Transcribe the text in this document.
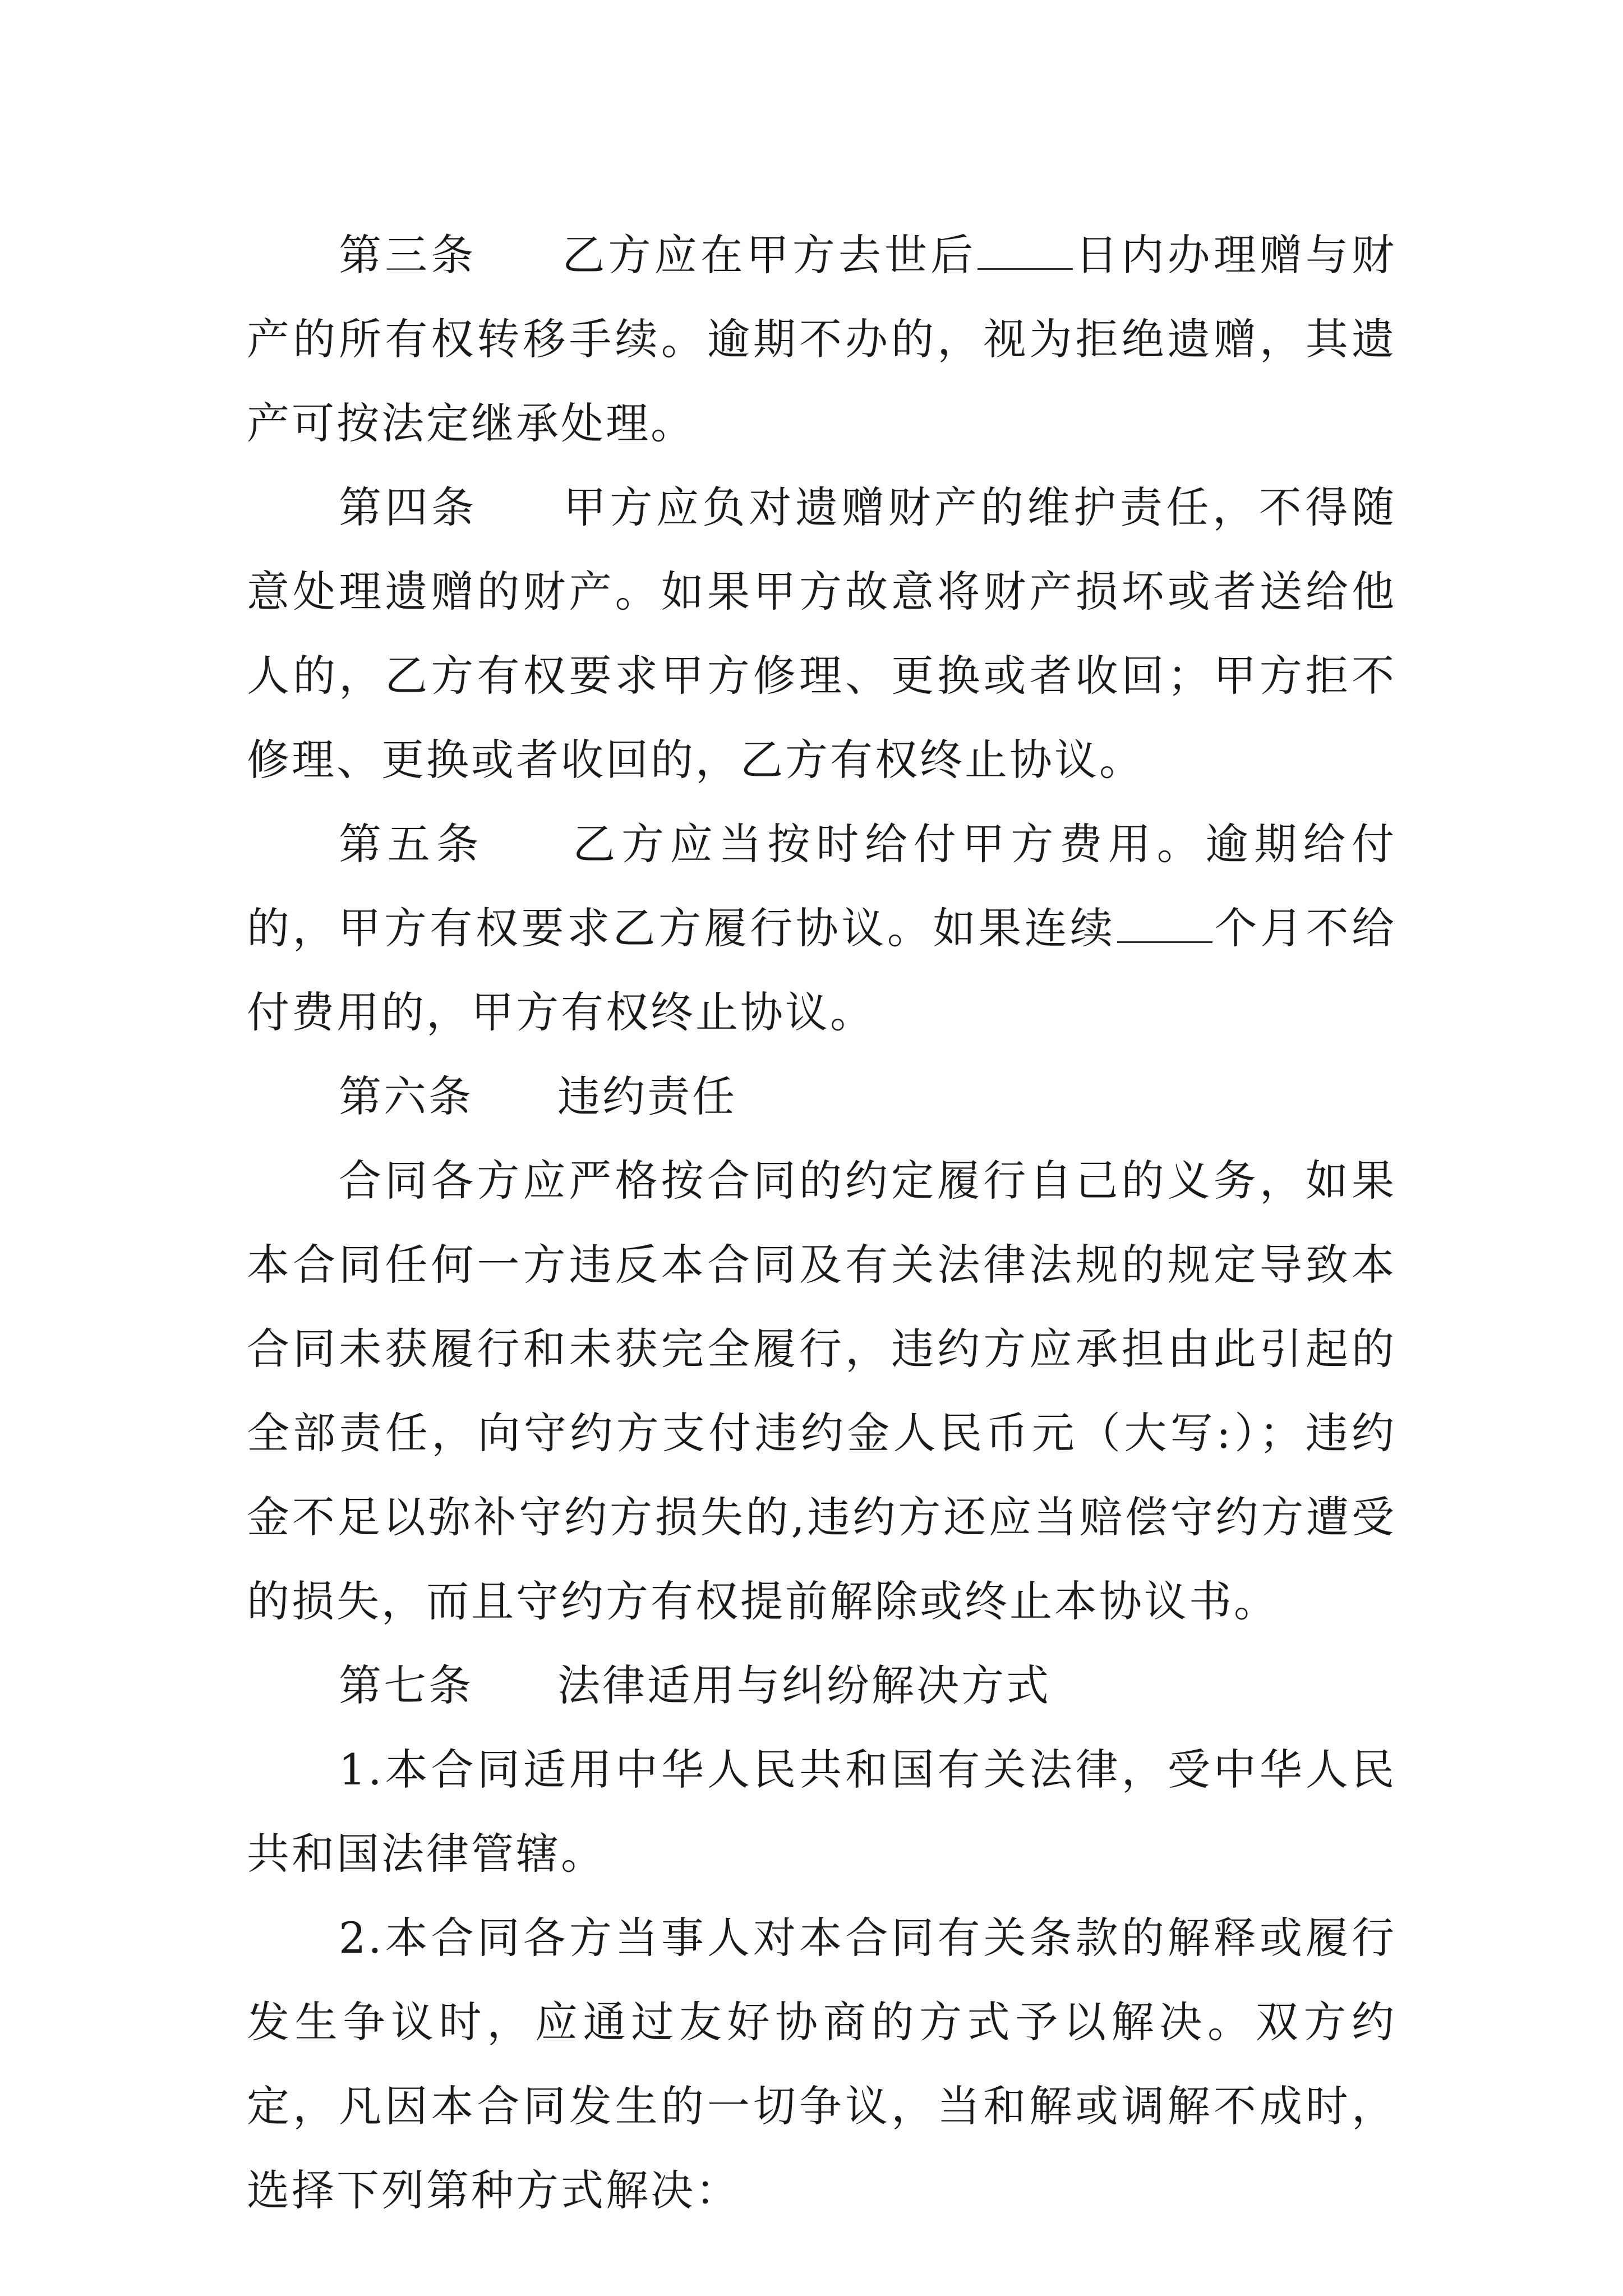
第三条 乙方应在甲方去世后 日内办理赠与财产的所有权转移手续。逾期不办的，视为拒绝遗赠，其遗产可按法定继承处理。

第四条 甲方应负对遗赠财产的维护责任，不得随意处理遗赠的财产。如果甲方故意将财产损坏或者送给他人的，乙方有权要求甲方修理、更换或者收回；甲方拒不修理、更换或者收回的，乙方有权终止协议。

第五条 乙方应当按时给付甲方费用。逾期给付的，甲方有权要求乙方履行协议。如果连续 个月不给付费用的，甲方有权终止协议。

第六条 违约责任

合同各方应严格按合同的约定履行自己的义务，如果本合同任何一方违反本合同及有关法律法规的规定导致本合同未获履行和未获完全履行，违约方应承担由此引起的全部责任，向守约方支付违约金人民币元（大写:）；违约金不足以弥补守约方损失的,违约方还应当赔偿守约方遭受的损失，而且守约方有权提前解除或终止本协议书。

第七条 法律适用与纠纷解决方式

1.本合同适用中华人民共和国有关法律，受中华人民共和国法律管辖。

2.本合同各方当事人对本合同有关条款的解释或履行发生争议时，应通过友好协商的方式予以解决。双方约定，凡因本合同发生的一切争议，当和解或调解不成时，选择下列第种方式解决：
